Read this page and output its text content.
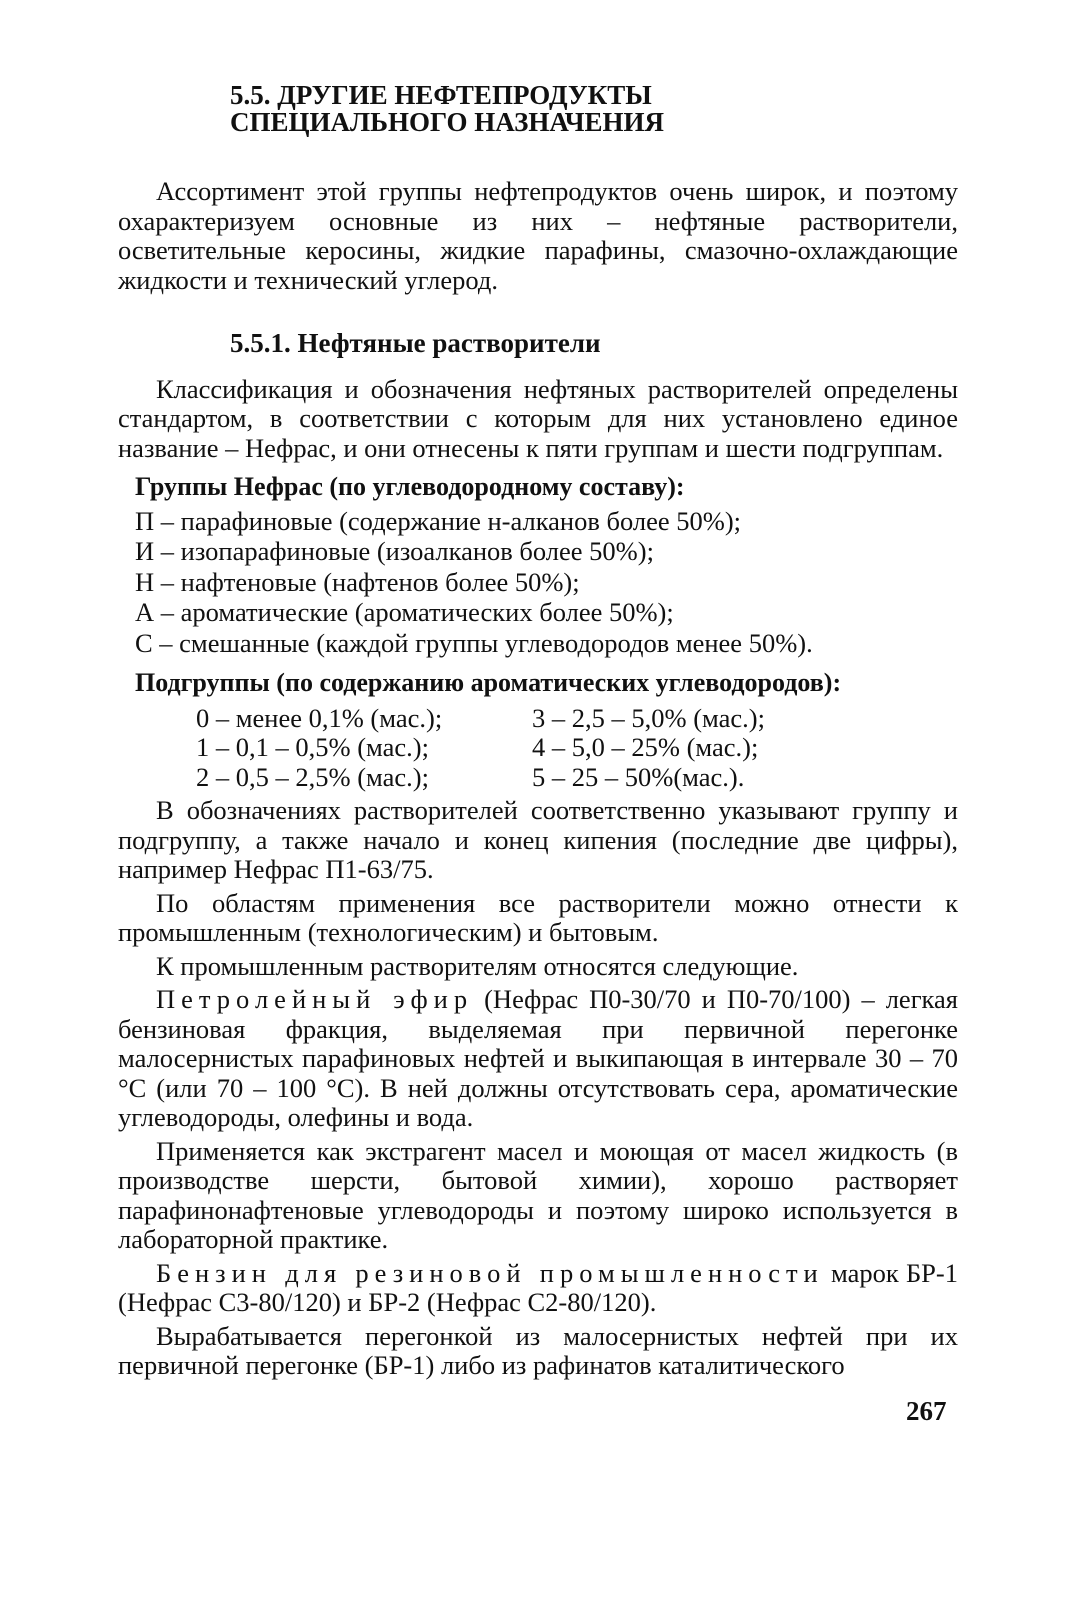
5.5. ДРУГИЕ НЕФТЕПРОДУКТЫ
СПЕЦИАЛЬНОГО НАЗНАЧЕНИЯ

Ассортимент этой группы нефтепродуктов очень широк, и поэтому охарактеризуем основные из них – нефтяные растворители, осветительные керосины, жидкие парафины, смазочно-охлаждающие жидкости и технический углерод.

5.5.1. Нефтяные растворители

Классификация и обозначения нефтяных растворителей определены стандартом, в соответствии с которым для них установлено единое название – Нефрас, и они отнесены к пяти группам и шести подгруппам.

Группы Нефрас (по углеводородному составу):
П – парафиновые (содержание н-алканов более 50%);
И – изопарафиновые (изоалканов более 50%);
Н – нафтеновые (нафтенов более 50%);
А – ароматические (ароматических более 50%);
С – смешанные (каждой группы углеводородов менее 50%).
Подгруппы (по содержанию ароматических углеводородов):
0 – менее 0,1% (мас.);	3 – 2,5 – 5,0% (мас.);
1 – 0,1 – 0,5% (мас.);	4 – 5,0 – 25% (мас.);
2 – 0,5 – 2,5% (мас.);	5 – 25 – 50%(мас.).

В обозначениях растворителей соответственно указывают группу и подгруппу, а также начало и конец кипения (последние две цифры), например Нефрас П1-63/75.

По областям применения все растворители можно отнести к промышленным (технологическим) и бытовым.

К промышленным растворителям относятся следующие.

Петролейный эфир (Нефрас П0-30/70 и П0-70/100) – легкая бензиновая фракция, выделяемая при первичной перегонке малосернистых парафиновых нефтей и выкипающая в интервале 30 – 70 °С (или 70 – 100 °С). В ней должны отсутствовать сера, ароматические углеводороды, олефины и вода.

Применяется как экстрагент масел и моющая от масел жидкость (в производстве шерсти, бытовой химии), хорошо растворяет парафинонафтеновые углеводороды и поэтому широко используется в лабораторной практике.

Бензин для резиновой промышленности марок БР-1 (Нефрас С3-80/120) и БР-2 (Нефрас С2-80/120).

Вырабатывается перегонкой из малосернистых нефтей при их первичной перегонке (БР-1) либо из рафинатов каталитического

267
